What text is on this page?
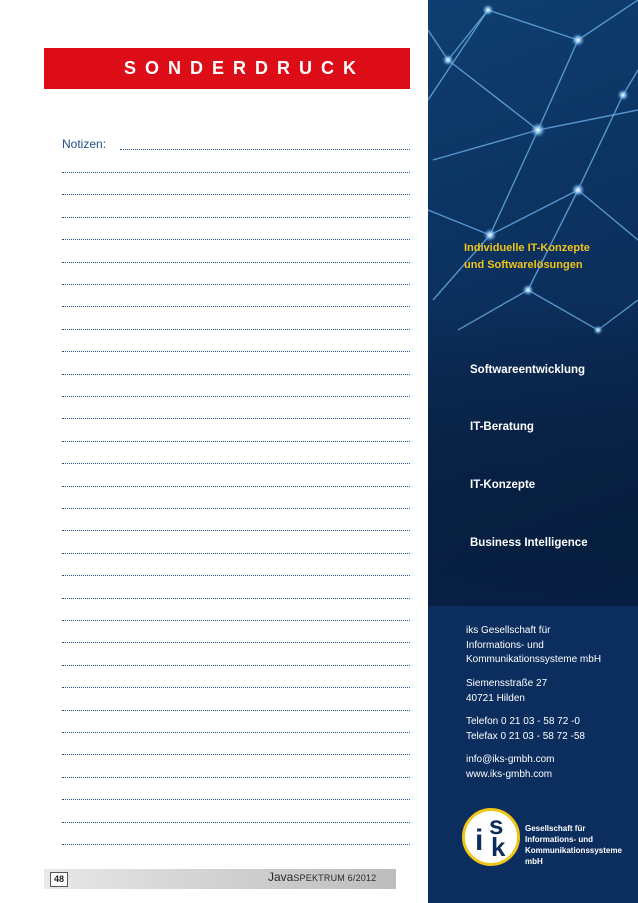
SONDERDRUCK
Notizen:
48	JavaSPEKTRUM 6/2012
Individuelle IT-Konzepte
und Softwarelösungen
Softwareentwicklung
IT-Beratung
IT-Konzepte
Business Intelligence
iks Gesellschaft für
Informations- und
Kommunikationssysteme mbH
Siemensstraße 27
40721 Hilden
Telefon 0 21 03 - 58 72 -0
Telefax 0 21 03 - 58 72 -58
info@iks-gmbh.com
www.iks-gmbh.com
i s
k
Gesellschaft für
Informations- und
Kommunikationssysteme mbH
